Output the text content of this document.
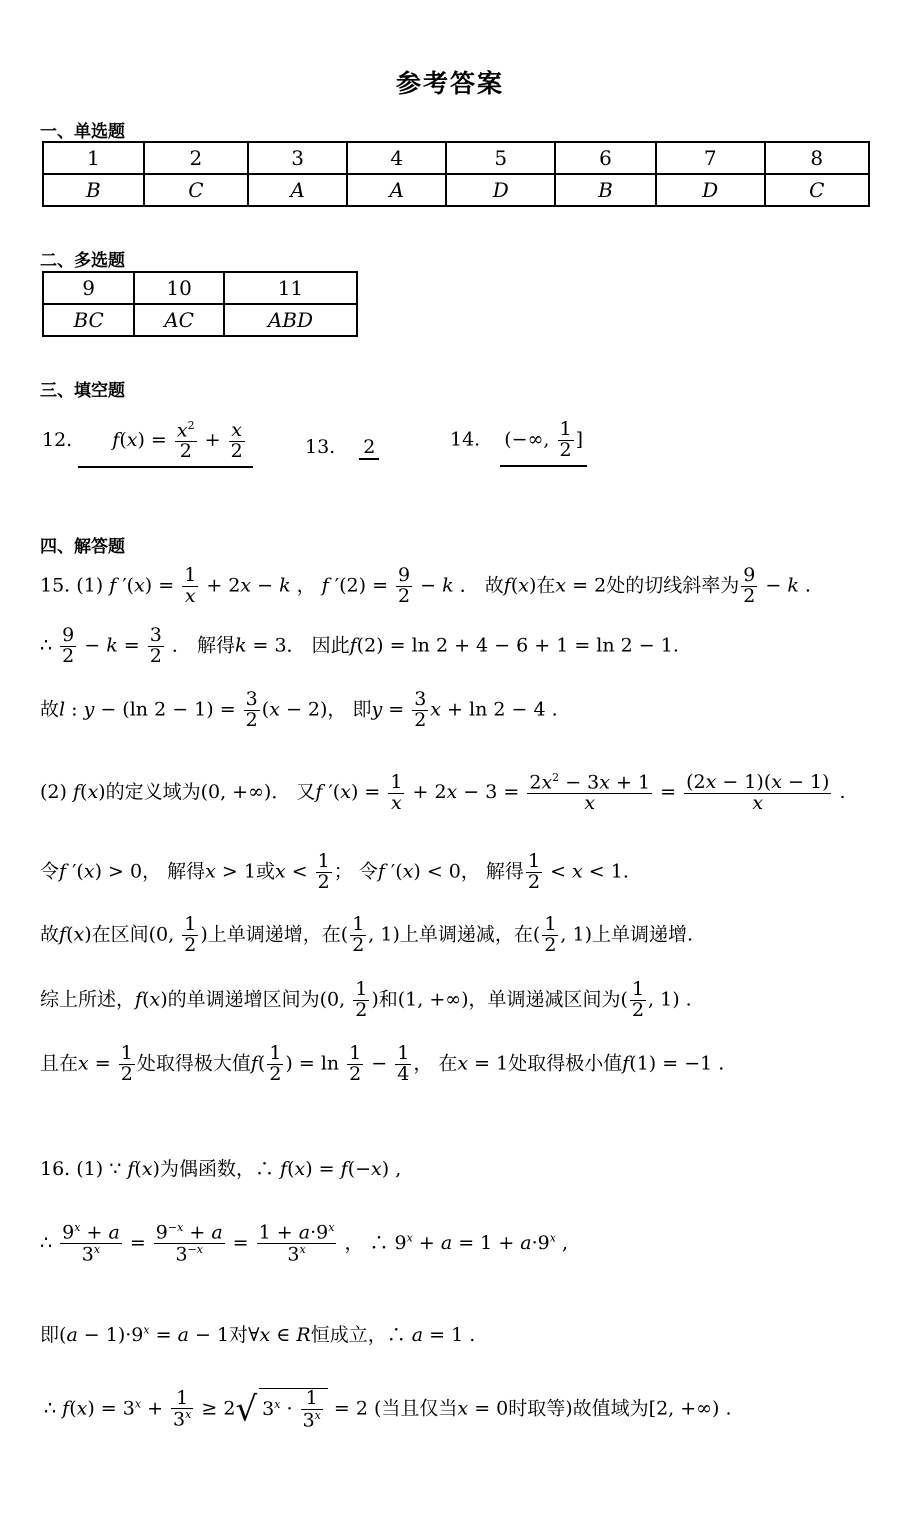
参考答案
一、单选题
1	2	3	4	5	6	7	8
B	C	A	A	D	B	D	C
二、多选题
9	10	11
BC	AC	ABD
三、填空题
12. $f(x) = \frac{x^2}{2} + \frac{x}{2}$	13. 2	14. (−∞, $\frac{1}{2}$ ]
四、解答题
15. (1) f $'(x) = \frac{1}{x} + 2x - k$ ， f $'(2) = \frac{9}{2} - k$ ． 故f(x)在x = 2处的切线斜率为 $\frac{9}{2} - k$ .
∴ $\frac{9}{2} - k = \frac{3}{2}$ ． 解得k = 3． 因此f(2) = ln 2 + 4 − 6 + 1 = ln 2 − 1.
故l : y − (ln $2 - 1) = \frac{3}{2} (x - 2)$， 即$y = \frac{3}{2}$ x + ln 2 − 4 .
(2) f(x)的定义域为(0, +∞)． 又f $'(x) = \frac{1}{x} + 2x - 3 = \frac{2x^2 - 3x + 1}{x} = \frac{(2x - 1)(x - 1)}{x}$ .
令f ′(x) > 0， 解得x > 1或$x < \frac{1}{2}$ ； 令f ′(x) < 0， 解得 $\frac{1}{2} < x < 1$.
故f(x)在区间(0, $\frac{1}{2}$ )上单调递增，在( $\frac{1}{2}$ , 1)上单调递减，在( $\frac{1}{2}$ , 1)上单调递增.
综上所述，f(x)的单调递增区间为(0, $\frac{1}{2}$ )和(1, +∞)，单调递减区间为( $\frac{1}{2}$ , 1) .
且在$x = \frac{1}{2}$ 处取得极大值$f( \frac{1}{2}$ ) = $\ln \frac{1}{2} - \frac{1}{4}$ ， 在x = 1处取得极小值f(1) = −1 .
16. (1) ∵ f(x)为偶函数，∴ f(x) = f(−x) ,
∴ $\frac{9^x + a}{3^x} = \frac{9^{-x} + a}{3^{-x}} = \frac{1 + a\cdot 9^x}{3^x}$ ， ∴ $9^x + a = 1 + a\cdot 9^x$ ,
即$(a - 1)\cdot 9^x = a - 1$对∀x ∈ R恒成立，∴ a = 1 .
∴ $f(x) = 3^x + \frac{1}{3^x} \ge 2√$ $3^x \cdot \frac{1}{3^x} = 2$ (当且仅当x = 0时取等)故值域为[2, +∞) .
